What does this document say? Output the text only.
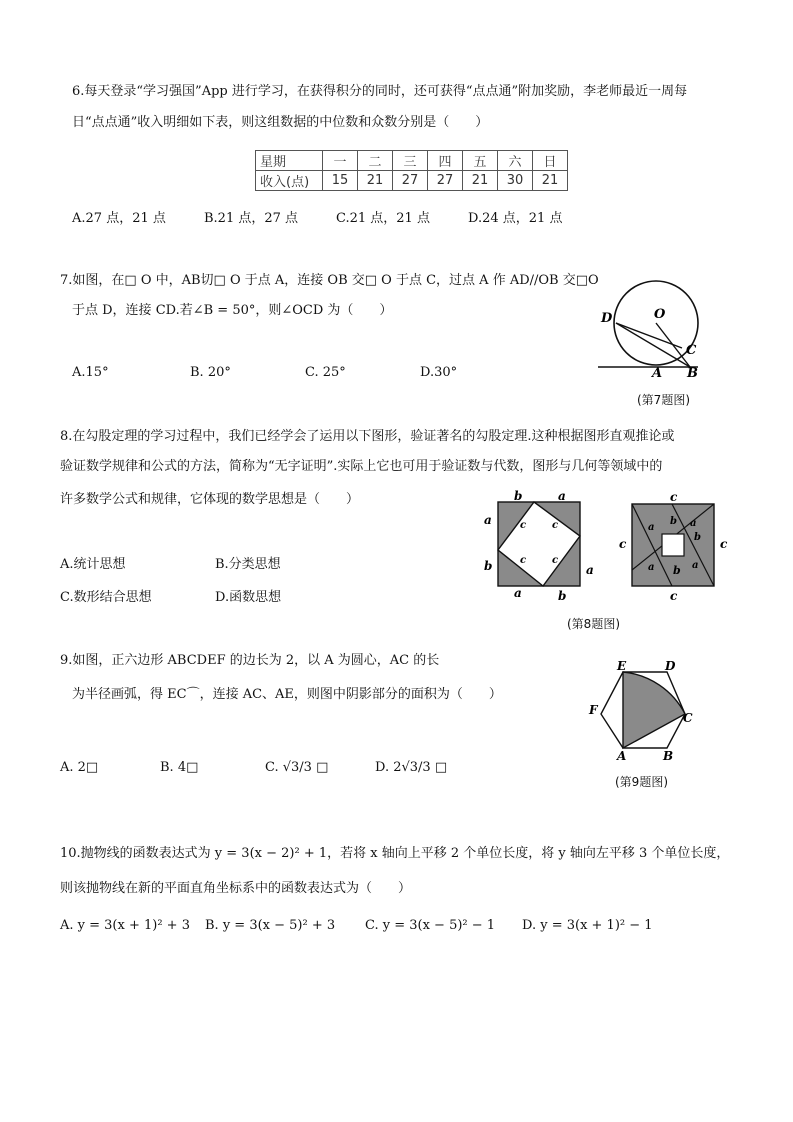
6.每天登录“学习强国”App 进行学习，在获得积分的同时，还可获得“点点通”附加奖励，李老师最近一周每
日“点点通”收入明细如下表，则这组数据的中位数和众数分别是（　　）
星期	一	二	三	四	五	六	日
收入(点)	15	21	27	27	21	30	21
A.27 点，21 点	B.21 点，27 点	C.21 点，21 点	D.24 点，21 点
7.如图，在□ O 中，AB切□ O 于点 A，连接 OB 交□ O 于点 C，过点 A 作 AD//OB 交□O
于点 D，连接 CD.若∠B = 50°，则∠OCD 为（　　）
A.15°	B. 20°	C. 25°	D.30°
D	O
C
A B
(第7题图)
8.在勾股定理的学习过程中，我们已经学会了运用以下图形，验证著名的勾股定理.这种根据图形直观推论或
验证数学规律和公式的方法，简称为“无字证明”.实际上它也可用于验证数与代数，图形与几何等领域中的
许多数学公式和规律，它体现的数学思想是（　　）
A.统计思想	B.分类思想
C.数形结合思想	D.函数思想
b	a
a
b	a
a	b
c	c
c	c
c
c	c
c
a
b a
b
a b a
(第8题图)
9.如图，正六边形 ABCDEF 的边长为 2，以 A 为圆心，AC 的长
为半径画弧，得 EC⌒，连接 AC、AE，则图中阴影部分的面积为（　　）
A. 2□	B. 4□	C. √3/3 □	D. 2√3/3 □
E	D
F
C
A	B
(第9题图)
10.抛物线的函数表达式为 y = 3(x − 2)² + 1，若将 x 轴向上平移 2 个单位长度，将 y 轴向左平移 3 个单位长度，
则该抛物线在新的平面直角坐标系中的函数表达式为（　　）
A. y = 3(x + 1)² + 3 B. y = 3(x − 5)² + 3 C. y = 3(x − 5)² − 1 D. y = 3(x + 1)² − 1
